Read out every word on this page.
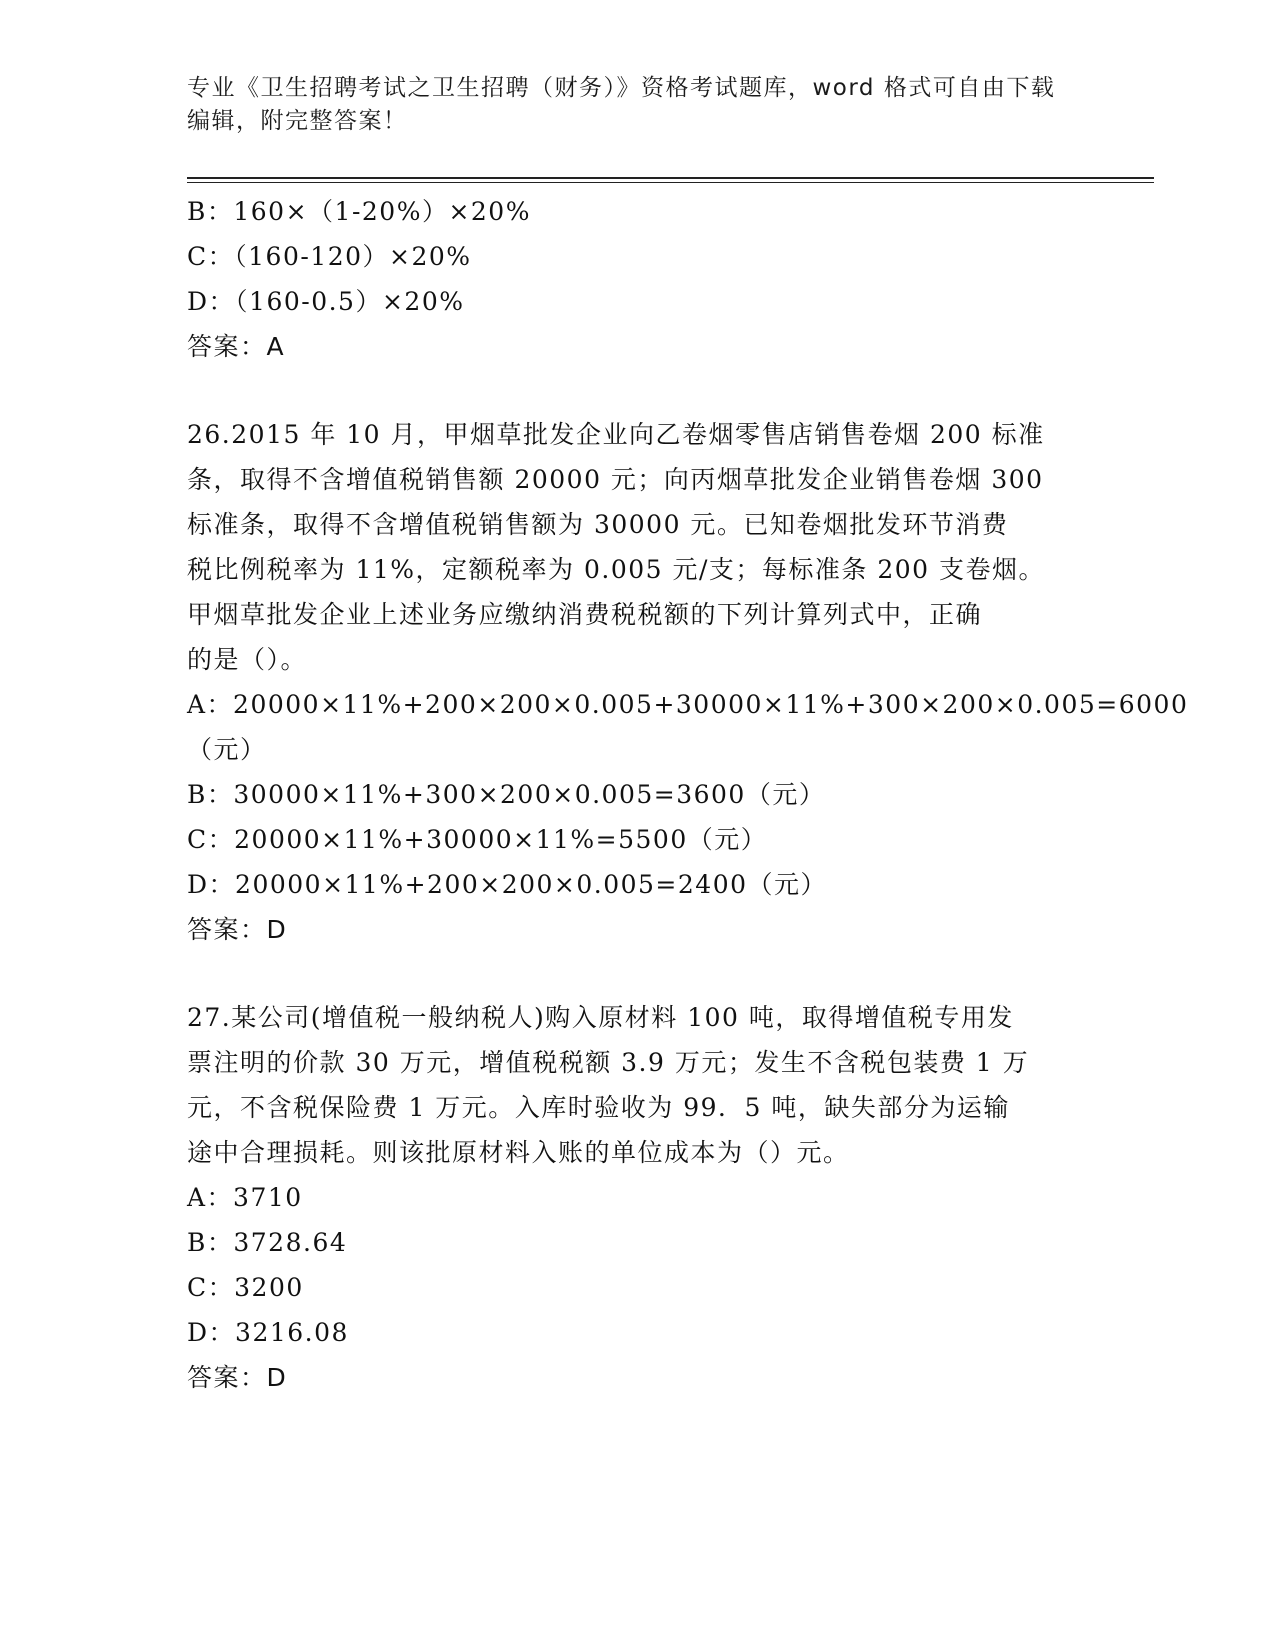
专业《卫生招聘考试之卫生招聘（财务）》资格考试题库，word 格式可自由下载
编辑，附完整答案！
B：160×（1-20%）×20%
C：（160-120）×20%
D：（160-0.5）×20%
答案：A
26.2015 年 10 月，甲烟草批发企业向乙卷烟零售店销售卷烟 200 标准
条，取得不含增值税销售额 20000 元；向丙烟草批发企业销售卷烟 300
标准条，取得不含增值税销售额为 30000 元。已知卷烟批发环节消费
税比例税率为 11%，定额税率为 0.005 元/支；每标准条 200 支卷烟。
甲烟草批发企业上述业务应缴纳消费税税额的下列计算列式中，正确
的是（）。
A：20000×11%+200×200×0.005+30000×11%+300×200×0.005=6000
（元）
B：30000×11%+300×200×0.005=3600（元）
C：20000×11%+30000×11%=5500（元）
D：20000×11%+200×200×0.005=2400（元）
答案：D
27.某公司(增值税一般纳税人)购入原材料 100 吨，取得增值税专用发
票注明的价款 30 万元，增值税税额 3.9 万元；发生不含税包装费 1 万
元，不含税保险费 1 万元。入库时验收为 99．5 吨，缺失部分为运输
途中合理损耗。则该批原材料入账的单位成本为（）元。
A：3710
B：3728.64
C：3200
D：3216.08
答案：D
